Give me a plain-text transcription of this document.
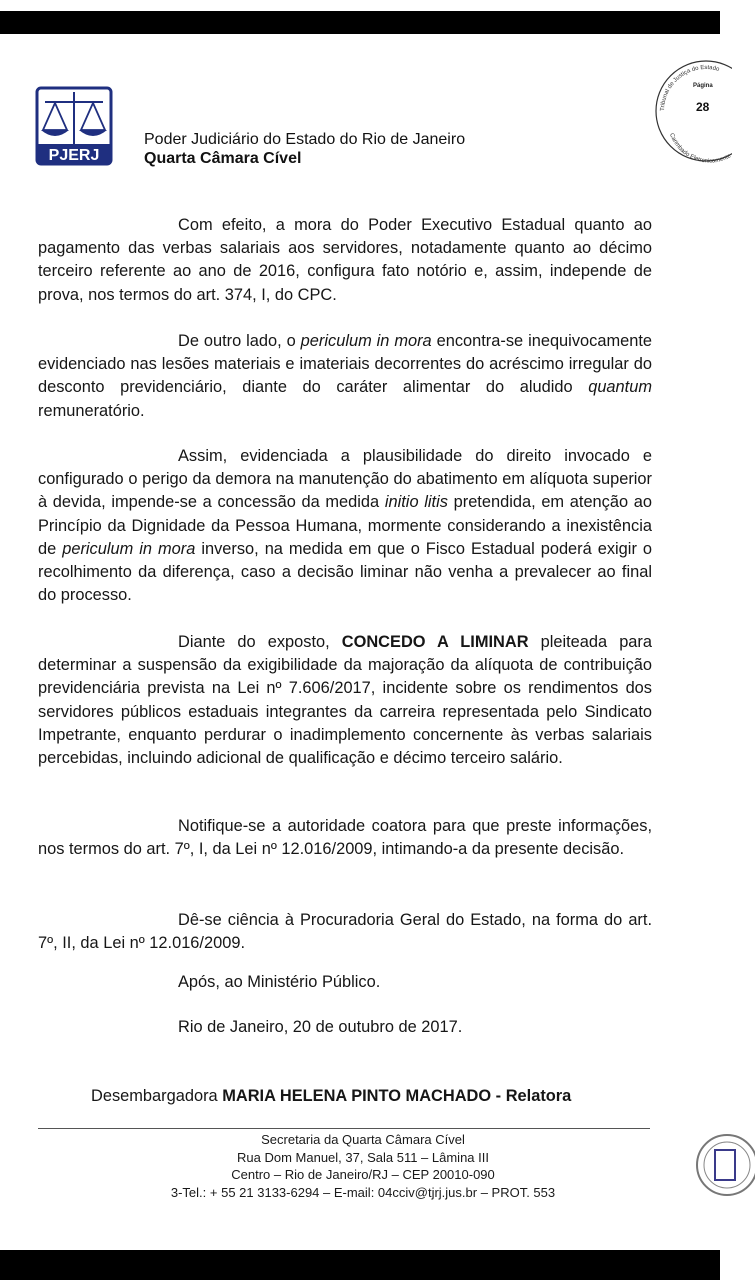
PJERJ
Poder Judiciário do Estado do Rio de Janeiro
Quarta Câmara Cível
Tribunal de Justiça do Estado
Carimbado Eletronicamente
Página
28

Com efeito, a mora do Poder Executivo Estadual quanto ao pagamento das verbas salariais aos servidores, notadamente quanto ao décimo terceiro referente ao ano de 2016, configura fato notório e, assim, independe de prova, nos termos do art. 374, I, do CPC.

De outro lado, o periculum in mora encontra-se inequivocamente evidenciado nas lesões materiais e imateriais decorrentes do acréscimo irregular do desconto previdenciário, diante do caráter alimentar do aludido quantum remuneratório.

Assim, evidenciada a plausibilidade do direito invocado e configurado o perigo da demora na manutenção do abatimento em alíquota superior à devida, impende-se a concessão da medida initio litis pretendida, em atenção ao Princípio da Dignidade da Pessoa Humana, mormente considerando a inexistência de periculum in mora inverso, na medida em que o Fisco Estadual poderá exigir o recolhimento da diferença, caso a decisão liminar não venha a prevalecer ao final do processo.

Diante do exposto, CONCEDO A LIMINAR pleiteada para determinar a suspensão da exigibilidade da majoração da alíquota de contribuição previdenciária prevista na Lei nº 7.606/2017, incidente sobre os rendimentos dos servidores públicos estaduais integrantes da carreira representada pelo Sindicato Impetrante, enquanto perdurar o inadimplemento concernente às verbas salariais percebidas, incluindo adicional de qualificação e décimo terceiro salário.

Notifique-se a autoridade coatora para que preste informações, nos termos do art. 7º, I, da Lei nº 12.016/2009, intimando-a da presente decisão.

Dê-se ciência à Procuradoria Geral do Estado, na forma do art. 7º, II, da Lei nº 12.016/2009.

Após, ao Ministério Público.
Rio de Janeiro, 20 de outubro de 2017.
Desembargadora MARIA HELENA PINTO MACHADO - Relatora
Secretaria da Quarta Câmara Cível
Rua Dom Manuel, 37, Sala 511 – Lâmina III
Centro – Rio de Janeiro/RJ – CEP 20010-090
3-Tel.: + 55 21 3133-6294 – E-mail: 04cciv@tjrj.jus.br – PROT. 553
